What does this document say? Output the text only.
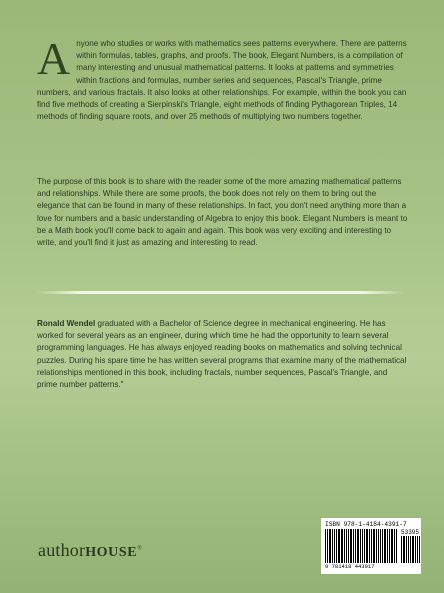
Anyone who studies or works with mathematics sees patterns everywhere. There are patterns within formulas, tables, graphs, and proofs. The book, Elegant Numbers, is a compilation of many interesting and unusual mathematical patterns. It looks at patterns and symmetries within fractions and formulas, number series and sequences, Pascal's Triangle, prime numbers, and various fractals. It also looks at other relationships. For example, within the book you can find five methods of creating a Sierpinski's Triangle, eight methods of finding Pythagorean Triples, 14 methods of finding square roots, and over 25 methods of multiplying two numbers together.

The purpose of this book is to share with the reader some of the more amazing mathematical patterns and relationships. While there are some proofs, the book does not rely on them to bring out the elegance that can be found in many of these relationships. In fact, you don't need anything more than a love for numbers and a basic understanding of Algebra to enjoy this book. Elegant Numbers is meant to be a Math book you'll come back to again and again. This book was very exciting and interesting to write, and you'll find it just as amazing and interesting to read.

Ronald Wendel graduated with a Bachelor of Science degree in mechanical engineering. He has worked for several years as an engineer, during which time he had the opportunity to learn several programming languages. He has always enjoyed reading books on mathematics and solving technical puzzles. During his spare time he has written several programs that examine many of the mathematical relationships mentioned in this book, including fractals, number sequences, Pascal's Triangle, and prime number patterns."

authorHOUSE®
ISBN 978-1-4184-4391-7
53395
9 781418 443917
